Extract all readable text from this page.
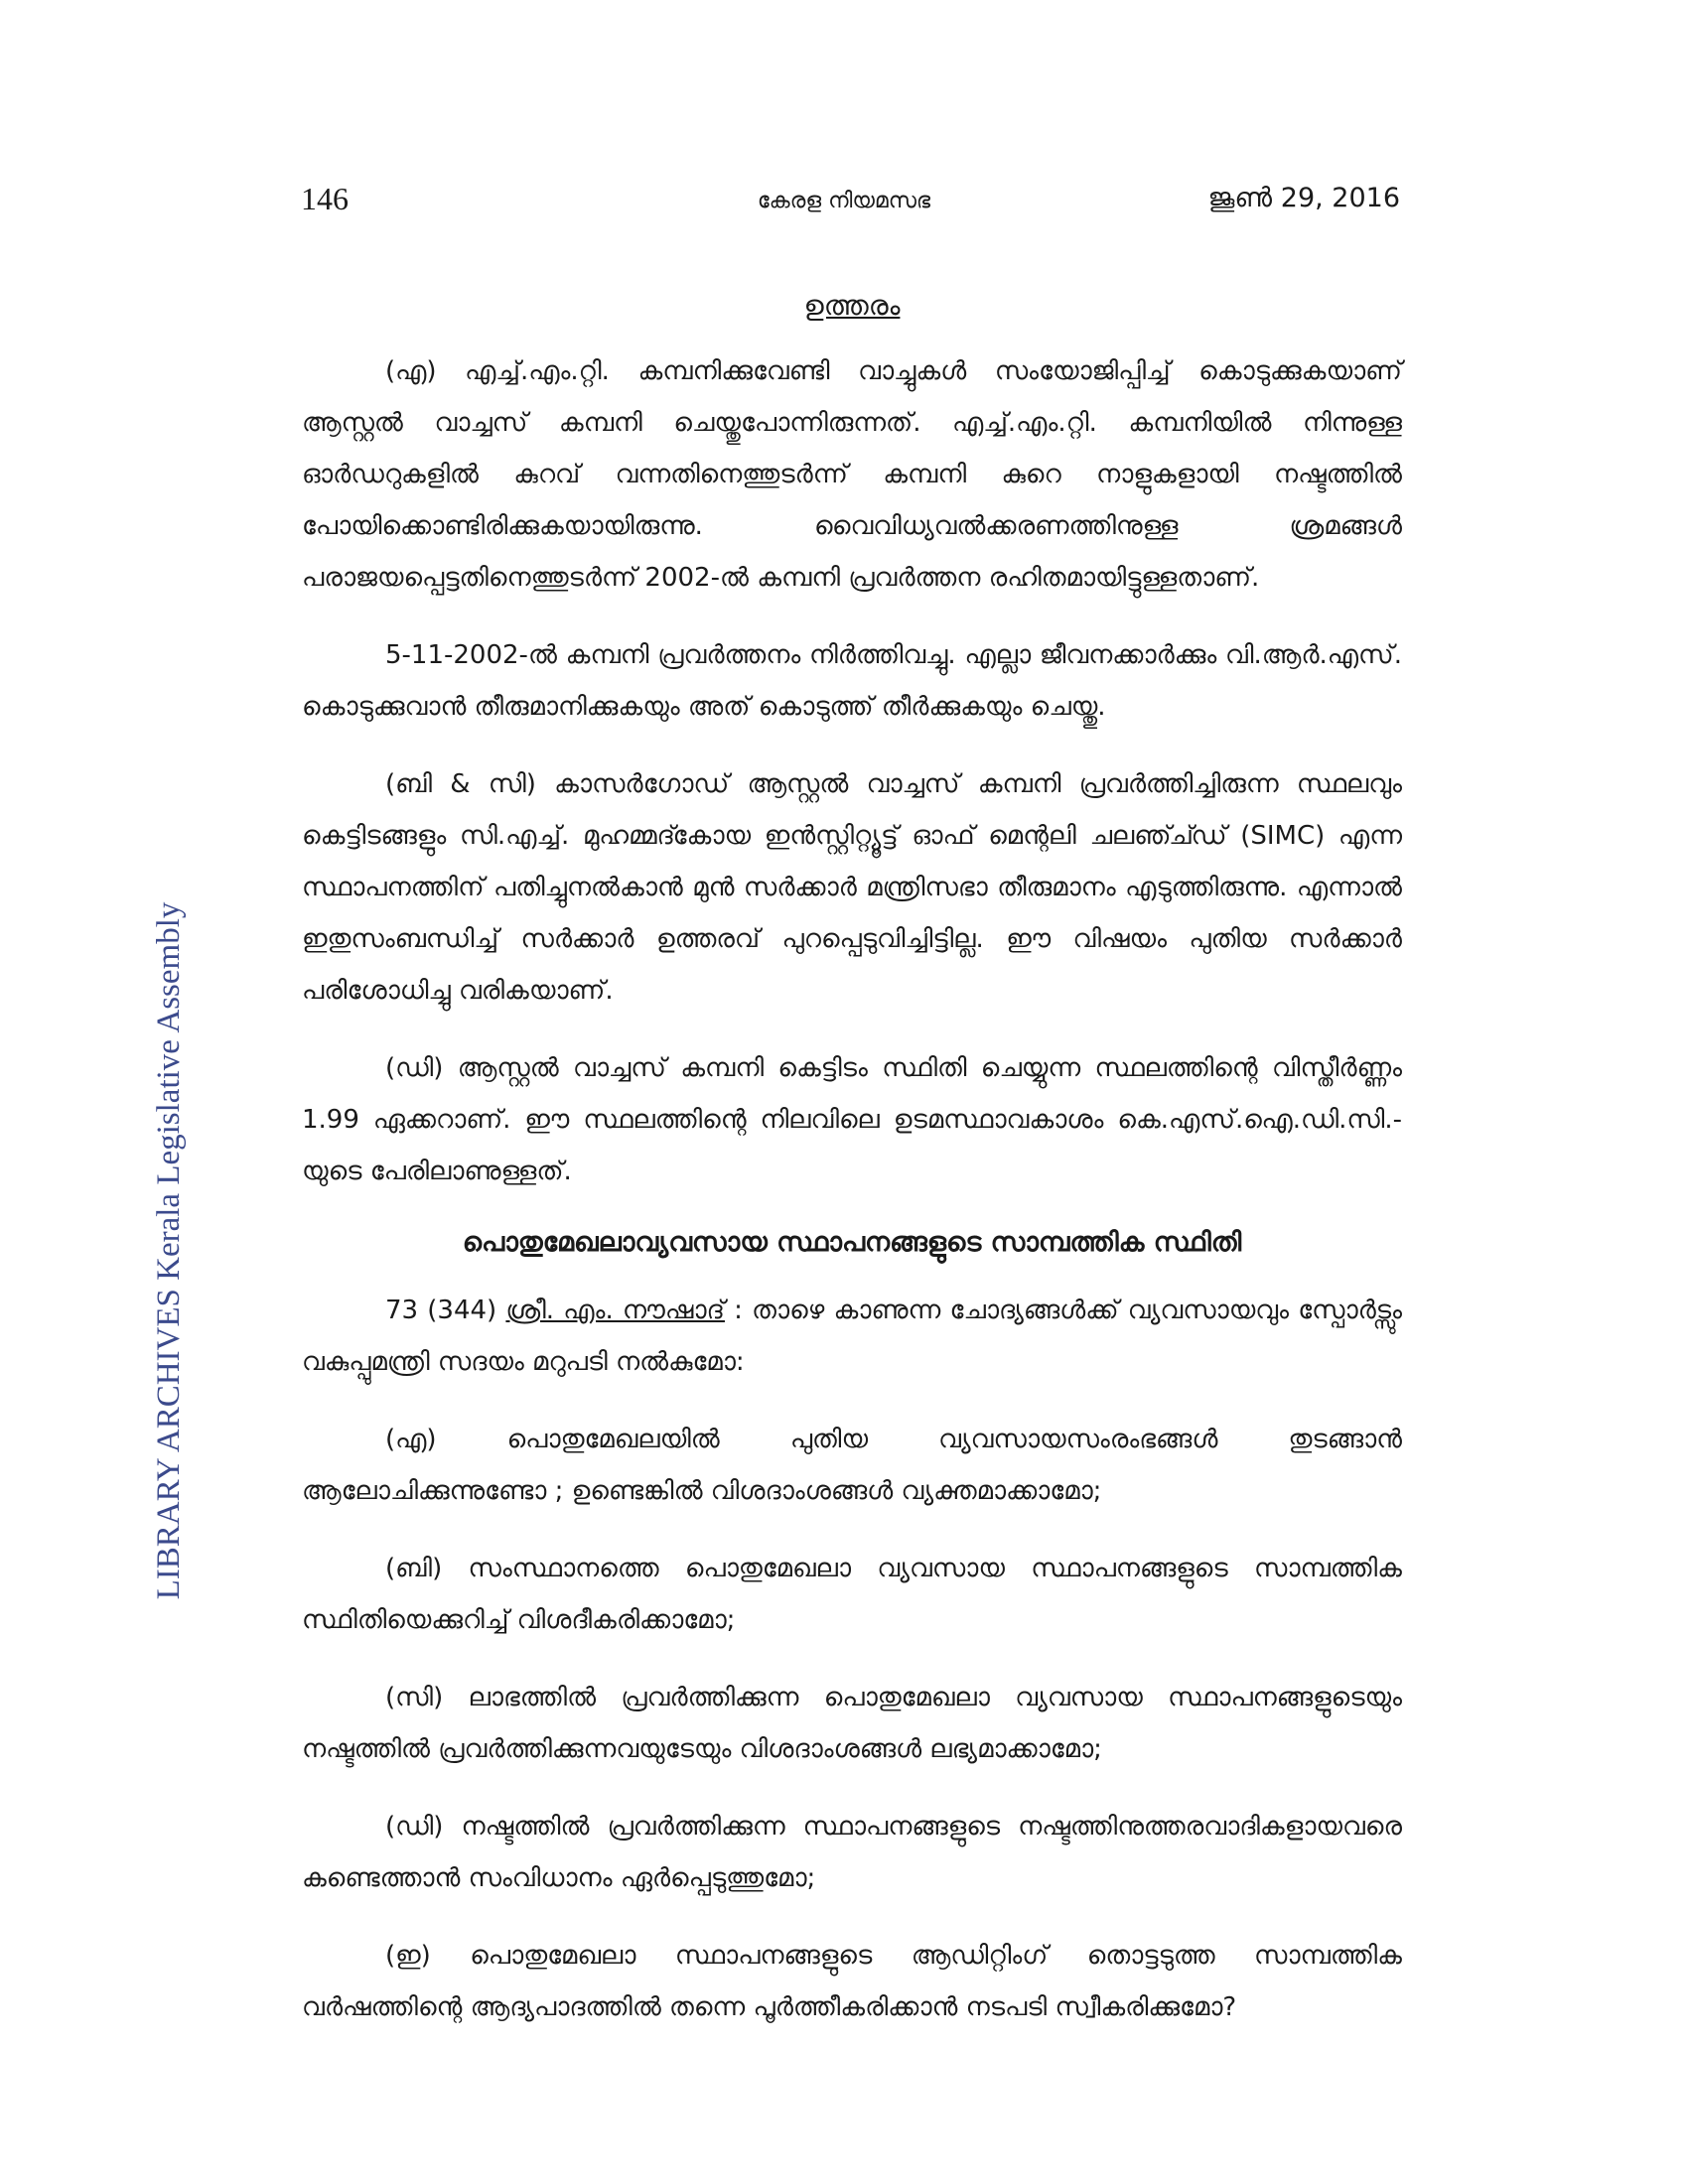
146	കേരള നിയമസഭ	ജൂൺ 29, 2016
LIBRARY ARCHIVES Kerala Legislative Assembly
ഉത്തരം

(എ) എച്ച്.എം.റ്റി. കമ്പനിക്കുവേണ്ടി വാച്ചുകൾ സംയോജിപ്പിച്ച് കൊടുക്കുകയാണ് ആസ്റ്റൽ വാച്ചസ് കമ്പനി ചെയ്തുപോന്നിരുന്നത്. എച്ച്.എം.റ്റി. കമ്പനിയിൽ നിന്നുള്ള ഓർഡറുകളിൽ കുറവ് വന്നതിനെത്തുടർന്ന് കമ്പനി കുറെ നാളുകളായി നഷ്ടത്തിൽ പോയിക്കൊണ്ടിരിക്കുകയായിരുന്നു. വൈവിധ്യവൽക്കരണത്തിനുള്ള ശ്രമങ്ങൾ പരാജയപ്പെട്ടതിനെത്തുടർന്ന് 2002-ൽ കമ്പനി പ്രവർത്തന രഹിതമായിട്ടുള്ളതാണ്.

5-11-2002-ൽ കമ്പനി പ്രവർത്തനം നിർത്തിവച്ചു. എല്ലാ ജീവനക്കാർക്കും വി.ആർ.എസ്. കൊടുക്കുവാൻ തീരുമാനിക്കുകയും അത് കൊടുത്ത് തീർക്കുകയും ചെയ്തു.

(ബി & സി) കാസർഗോഡ് ആസ്റ്റൽ വാച്ചസ് കമ്പനി പ്രവർത്തിച്ചിരുന്ന സ്ഥലവും കെട്ടിടങ്ങളും സി.എച്ച്. മുഹമ്മദ്കോയ ഇൻസ്റ്റിറ്റ്യൂട്ട് ഓഫ് മെന്റലി ചലഞ്ച്ഡ് (SIMC) എന്ന സ്ഥാപനത്തിന് പതിച്ചുനൽകാൻ മുൻ സർക്കാർ മന്ത്രിസഭാ തീരുമാനം എടുത്തിരുന്നു. എന്നാൽ ഇതുസംബന്ധിച്ച് സർക്കാർ ഉത്തരവ് പുറപ്പെടുവിച്ചിട്ടില്ല. ഈ വിഷയം പുതിയ സർക്കാർ പരിശോധിച്ചു വരികയാണ്.

(ഡി) ആസ്റ്റൽ വാച്ചസ് കമ്പനി കെട്ടിടം സ്ഥിതി ചെയ്യുന്ന സ്ഥലത്തിന്റെ വിസ്തീർണ്ണം 1.99 ഏക്കറാണ്. ഈ സ്ഥലത്തിന്റെ നിലവിലെ ഉടമസ്ഥാവകാശം കെ.എസ്.ഐ.ഡി.സി.-യുടെ പേരിലാണുള്ളത്.

പൊതുമേഖലാവ്യവസായ സ്ഥാപനങ്ങളുടെ സാമ്പത്തിക സ്ഥിതി

73 (344) ശ്രീ. എം. നൗഷാദ് : താഴെ കാണുന്ന ചോദ്യങ്ങൾക്ക് വ്യവസായവും സ്പോർട്സും വകുപ്പുമന്ത്രി സദയം മറുപടി നൽകുമോ:

(എ) പൊതുമേഖലയിൽ പുതിയ വ്യവസായസംരംഭങ്ങൾ തുടങ്ങാൻ ആലോചിക്കുന്നുണ്ടോ ; ഉണ്ടെങ്കിൽ വിശദാംശങ്ങൾ വ്യക്തമാക്കാമോ;

(ബി) സംസ്ഥാനത്തെ പൊതുമേഖലാ വ്യവസായ സ്ഥാപനങ്ങളുടെ സാമ്പത്തിക സ്ഥിതിയെക്കുറിച്ച് വിശദീകരിക്കാമോ;

(സി) ലാഭത്തിൽ പ്രവർത്തിക്കുന്ന പൊതുമേഖലാ വ്യവസായ സ്ഥാപനങ്ങളുടെയും നഷ്ടത്തിൽ പ്രവർത്തിക്കുന്നവയുടേയും വിശദാംശങ്ങൾ ലഭ്യമാക്കാമോ;

(ഡി) നഷ്ടത്തിൽ പ്രവർത്തിക്കുന്ന സ്ഥാപനങ്ങളുടെ നഷ്ടത്തിനുത്തരവാദികളായവരെ കണ്ടെത്താൻ സംവിധാനം ഏർപ്പെടുത്തുമോ;

(ഇ) പൊതുമേഖലാ സ്ഥാപനങ്ങളുടെ ആഡിറ്റിംഗ് തൊട്ടടുത്ത സാമ്പത്തിക വർഷത്തിന്റെ ആദ്യപാദത്തിൽ തന്നെ പൂർത്തീകരിക്കാൻ നടപടി സ്വീകരിക്കുമോ?
